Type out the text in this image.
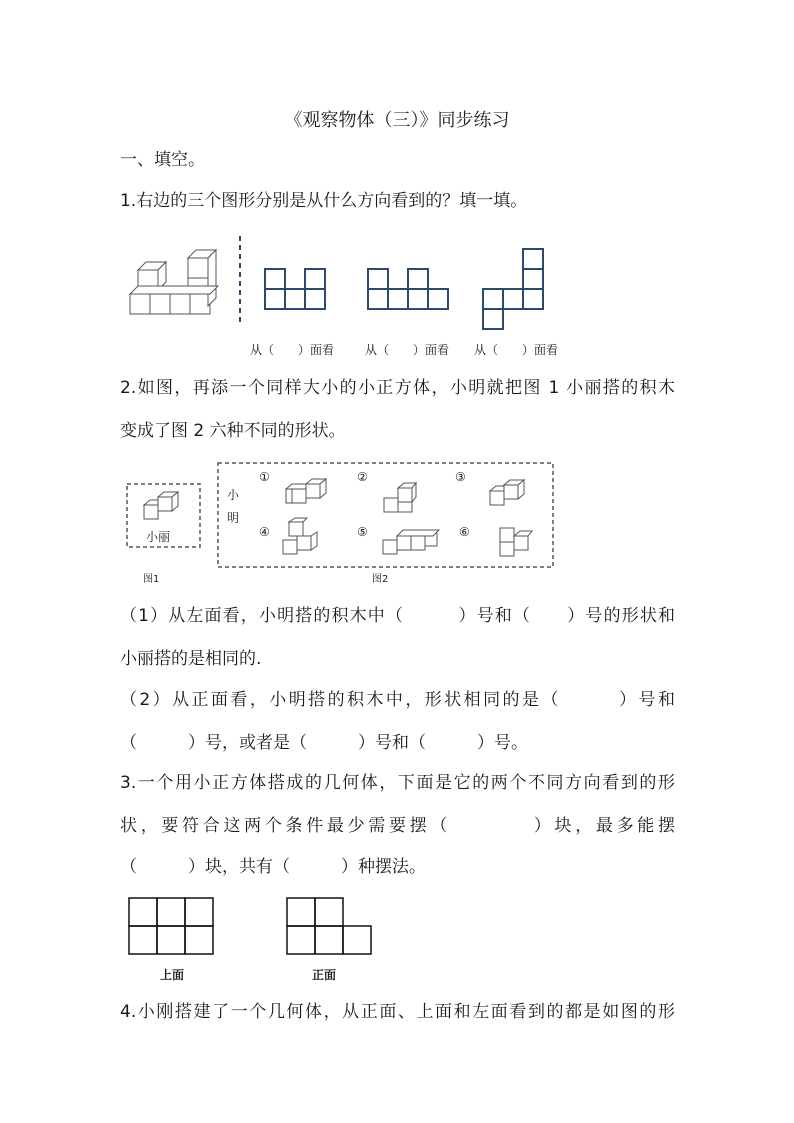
《观察物体（三）》同步练习
一、填空。
1.右边的三个图形分别是从什么方向看到的？填一填。
从（　　）面看	从（　　）面看 从（　　）面看
2.如图，再添一个同样大小的小正方体，小明就把图 1 小丽搭的积木
变成了图 2 六种不同的形状。
小丽
图1
小
明
图2
①	②	③
④	⑤	⑥
（1）从左面看，小明搭的积木中（　　　）号和（　　）号的形状和
小丽搭的是相同的.
（2）从正面看，小明搭的积木中，形状相同的是（　　　）号和
（　　　）号，或者是（　　　）号和（　　　）号。
3.一个用小正方体搭成的几何体，下面是它的两个不同方向看到的形
状，要符合这两个条件最少需要摆（　　　　）块，最多能摆
（　　　）块，共有（　　　）种摆法。
上面	正面
4.小刚搭建了一个几何体，从正面、上面和左面看到的都是如图的形
